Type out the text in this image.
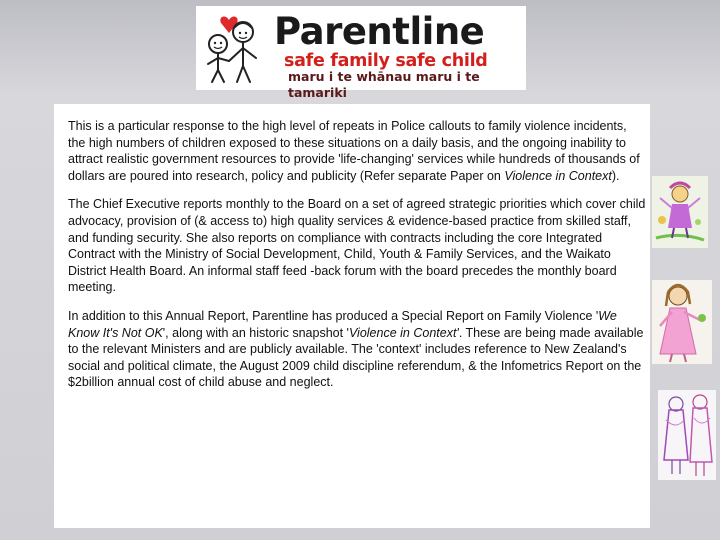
Parentline
safe family safe child
maru i te whānau maru i te tamariki

This is a particular response to the high level of repeats in Police callouts to family violence incidents, the high numbers of children exposed to these situations on a daily basis, and the ongoing inability to attract realistic government resources to provide 'life-changing' services while hundreds of thousands of dollars are poured into research, policy and publicity (Refer separate Paper on Violence in Context).

The Chief Executive reports monthly to the Board on a set of agreed strategic priorities which cover child advocacy, provision of (& access to) high quality services & evidence-based practice from skilled staff, and funding security. She also reports on compliance with contracts including the core Integrated Contract with the Ministry of Social Development, Child, Youth & Family Services, and the Waikato District Health Board. An informal staff feed -back forum with the board precedes the monthly board meeting.

In addition to this Annual Report, Parentline has produced a Special Report on Family Violence 'We Know It's Not OK', along with an historic snapshot 'Violence in Context'. These are being made available to the relevant Ministers and are publicly available. The 'context' includes reference to New Zealand's social and political climate, the August 2009 child discipline referendum, & the Infometrics Report on the $2billion annual cost of child abuse and neglect.
